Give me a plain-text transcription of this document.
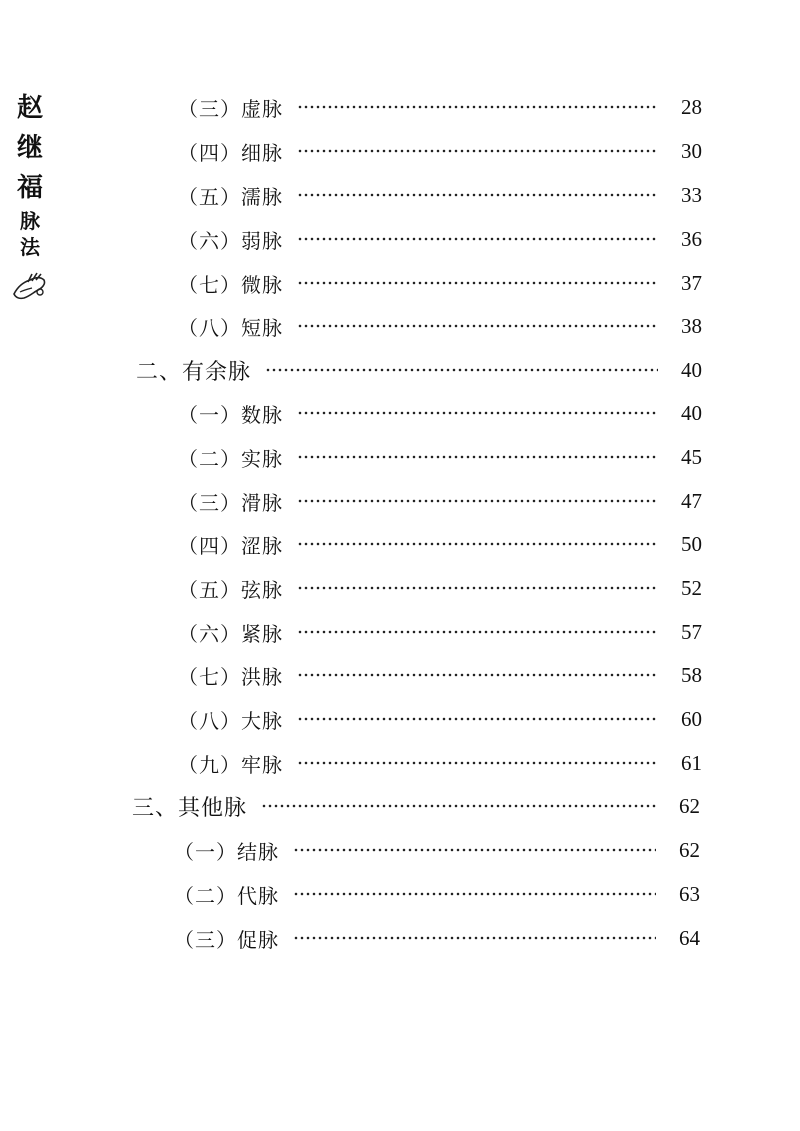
赵
继
福
脉
法
（三）虚脉	28
（四）细脉	30
（五）濡脉	33
（六）弱脉	36
（七）微脉	37
（八）短脉	38
二、有余脉	40
（一）数脉	40
（二）实脉	45
（三）滑脉	47
（四）涩脉	50
（五）弦脉	52
（六）紧脉	57
（七）洪脉	58
（八）大脉	60
（九）牢脉	61
三、其他脉	62
（一）结脉	62
（二）代脉	63
（三）促脉	64
